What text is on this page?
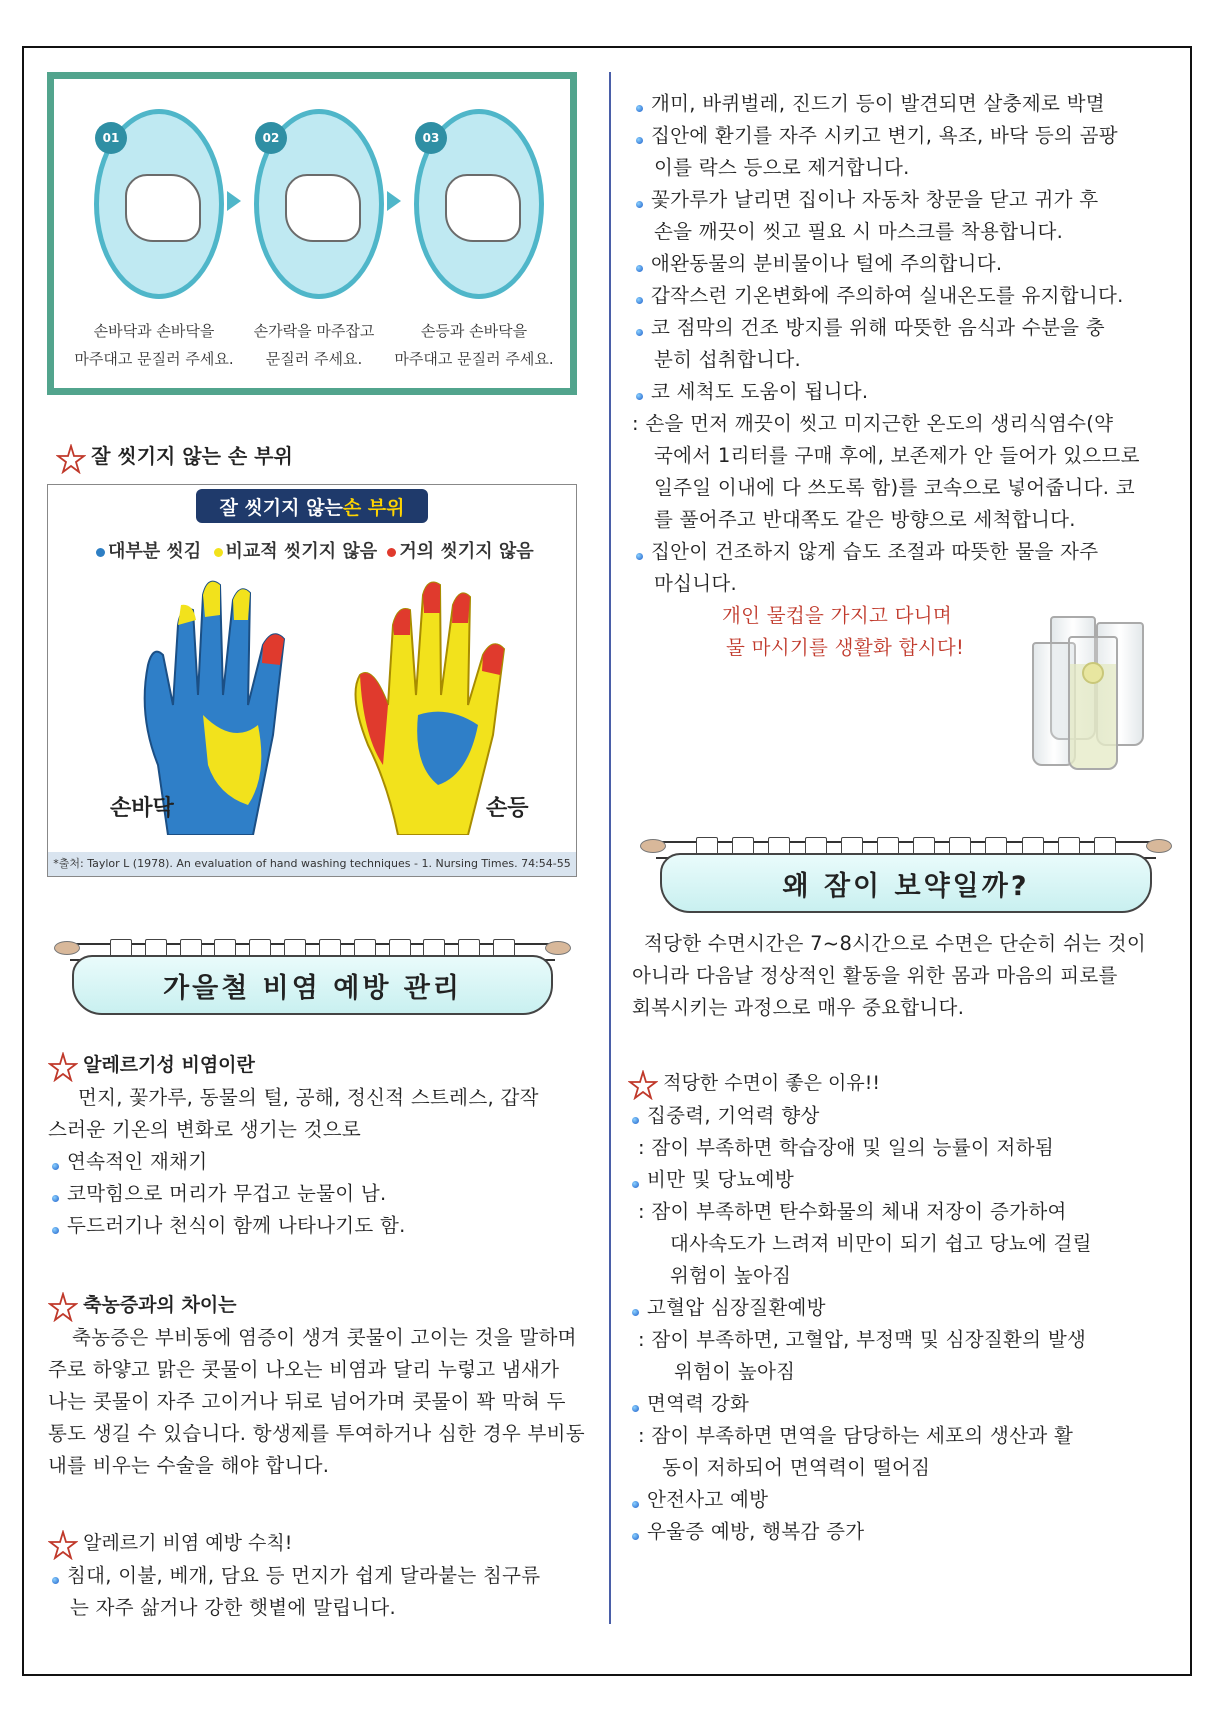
01	02	03
손바닥과 손바닥을
마주대고 문질러 주세요.
손가락을 마주잡고
문질러 주세요.
손등과 손바닥을
마주대고 문질러 주세요.
잘 씻기지 않는 손 부위
잘 씻기지 않는 손 부위
대부분 씻김 비교적 씻기지 않음 거의 씻기지 않음
손바닥	손등
*출처: Taylor L (1978). An evaluation of hand washing techniques - 1. Nursing Times. 74:54-55
가을철 비염 예방 관리
알레르기성 비염이란
먼지, 꽃가루, 동물의 털, 공해, 정신적 스트레스, 갑작
스러운 기온의 변화로 생기는 것으로
연속적인 재채기
코막힘으로 머리가 무겁고 눈물이 남.
두드러기나 천식이 함께 나타나기도 함.
축농증과의 차이는
축농증은 부비동에 염증이 생겨 콧물이 고이는 것을 말하며
주로 하얗고 맑은 콧물이 나오는 비염과 달리 누렇고 냄새가
나는 콧물이 자주 고이거나 뒤로 넘어가며 콧물이 꽉 막혀 두
통도 생길 수 있습니다. 항생제를 투여하거나 심한 경우 부비동
내를 비우는 수술을 해야 합니다.
알레르기 비염 예방 수칙!
침대, 이불, 베개, 담요 등 먼지가 쉽게 달라붙는 침구류
는 자주 삶거나 강한 햇볕에 말립니다.
개미, 바퀴벌레, 진드기 등이 발견되면 살충제로 박멸
집안에 환기를 자주 시키고 변기, 욕조, 바닥 등의 곰팡
이를 락스 등으로 제거합니다.
꽃가루가 날리면 집이나 자동차 창문을 닫고 귀가 후
손을 깨끗이 씻고 필요 시 마스크를 착용합니다.
애완동물의 분비물이나 털에 주의합니다.
갑작스런 기온변화에 주의하여 실내온도를 유지합니다.
코 점막의 건조 방지를 위해 따뜻한 음식과 수분을 충
분히 섭취합니다.
코 세척도 도움이 됩니다.
: 손을 먼저 깨끗이 씻고 미지근한 온도의 생리식염수(약
국에서 1리터를 구매 후에, 보존제가 안 들어가 있으므로
일주일 이내에 다 쓰도록 함)를 코속으로 넣어줍니다. 코
를 풀어주고 반대쪽도 같은 방향으로 세척합니다.
집안이 건조하지 않게 습도 조절과 따뜻한 물을 자주
마십니다.
개인 물컵을 가지고 다니며
물 마시기를 생활화 합시다!
왜 잠이 보약일까?
적당한 수면시간은 7~8시간으로 수면은 단순히 쉬는 것이
아니라 다음날 정상적인 활동을 위한 몸과 마음의 피로를
회복시키는 과정으로 매우 중요합니다.
적당한 수면이 좋은 이유!!
집중력, 기억력 향상
: 잠이 부족하면 학습장애 및 일의 능률이 저하됨
비만 및 당뇨예방
: 잠이 부족하면 탄수화물의 체내 저장이 증가하여
대사속도가 느려져 비만이 되기 쉽고 당뇨에 걸릴
위험이 높아짐
고혈압 심장질환예방
: 잠이 부족하면, 고혈압, 부정맥 및 심장질환의 발생
위험이 높아짐
면역력 강화
: 잠이 부족하면 면역을 담당하는 세포의 생산과 활
동이 저하되어 면역력이 떨어짐
안전사고 예방
우울증 예방, 행복감 증가
